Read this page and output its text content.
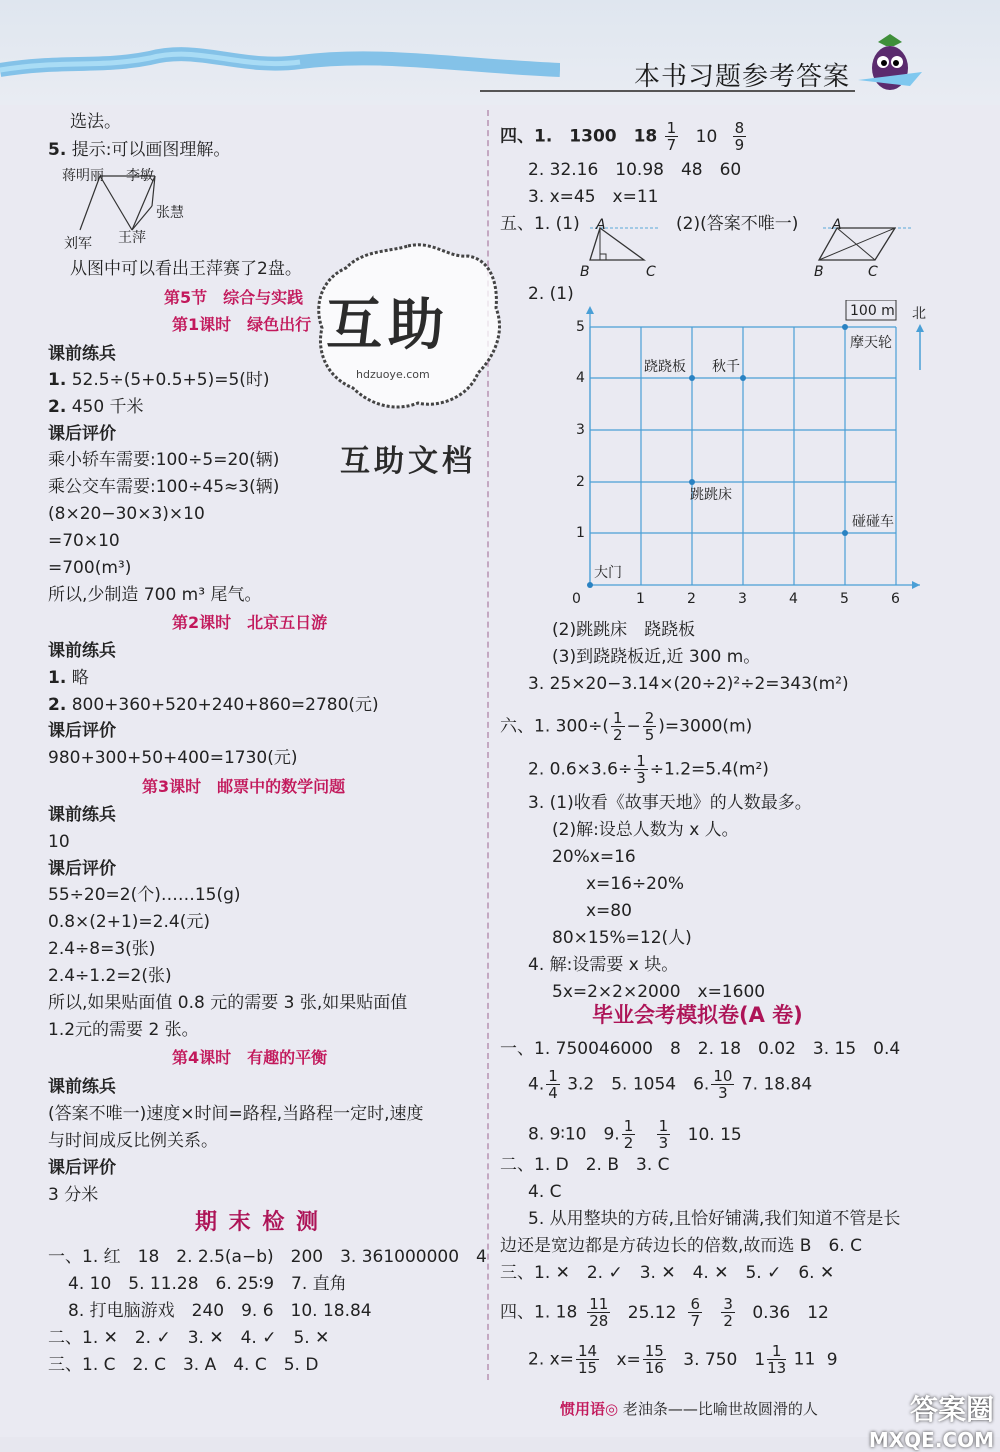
本书习题参考答案
选法。
5. 提示:可以画图理解。
蒋明丽 李敏
张慧
刘军 王萍
从图中可以看出王萍赛了2盘。
第5节　综合与实践
第1课时　绿色出行
课前练兵
1. 52.5÷(5+0.5+5)=5(时)
2. 450 千米
课后评价
乘小轿车需要:100÷5=20(辆)
乘公交车需要:100÷45≈3(辆)
(8×20−30×3)×10
=70×10
=700(m³)
所以,少制造 700 m³ 尾气。
第2课时　北京五日游
课前练兵
1. 略
2. 800+360+520+240+860=2780(元)
课后评价
980+300+50+400=1730(元)
第3课时　邮票中的数学问题
课前练兵
10
课后评价
55÷20=2(个)……15(g)
0.8×(2+1)=2.4(元)
2.4÷8=3(张)
2.4÷1.2=2(张)
所以,如果贴面值 0.8 元的需要 3 张,如果贴面值
1.2元的需要 2 张。
第4课时　有趣的平衡
课前练兵
(答案不唯一)速度×时间=路程,当路程一定时,速度
与时间成反比例关系。
课后评价
3 分米
期 末 检 测
一、1. 红　18　2. 2.5(a−b)　200　3. 361000000　4
4. 10　5. 11.28　6. 25∶9　7. 直角
8. 打电脑游戏　240　9. 6　10. 18.84
二、1. ✕　2. ✓　3. ✕　4. ✓　5. ✕
三、1. C　2. C　3. A　4. C　5. D
互助
hdzuoye.com
互助文档
四、1.　1300　$18 \frac{1}{7} 10 \frac{8}{9}$
2. 32.16　10.98　48　60
3. x=45　x=11
五、1. (1)	(2)(答案不唯一)
A
B	C
A
B	C
2. (1)
100 m 北
摩天轮
跷跷板 秋千
跳跳床
碰碰车
大门
0	1	2	3	4	5	6
1
2
3
4
5
(2)跳跳床　跷跷板
(3)到跷跷板近,近 300 m。
3. 25×20−3.14×(20÷2)²÷2=343(m²)
六、1. $300\div( \frac{1}{2} - \frac{2}{5} )=3000(m)$
2. $0.6\times 3.6\div \frac{1}{3} \div 1.2=5.4(m^2)$
3. (1)收看《故事天地》的人数最多。
(2)解:设总人数为 x 人。
20%x=16
x=16÷20%
x=80
80×15%=12(人)
4. 解:设需要 x 块。
5x=2×2×2000　x=1600
毕业会考模拟卷(A 卷)
一、1. 750046000　8　2. 18　0.02　3. 15　0.4
4. $\frac{1}{4} 3.2$　5. 1054　6. $\frac{10}{3} 7$. 18.84
8. 9∶10　9. $\frac{1}{2}$
$\frac{1}{3} 10$. 15
二、1. D　2. B　3. C
4. C
5. 从用整块的方砖,且恰好铺满,我们知道不管是长
边还是宽边都是方砖边长的倍数,故而选 B　6. C
三、1. ✕　2. ✓　3. ✕　4. ✕　5. ✓　6. ✕
四、1. $18 \frac{11}{28} 25.12 \frac{6}{7}$
$\frac{3}{2} 0.36$　12
2. $x= \frac{14}{15} x= \frac{15}{16} 3$. 750　$1 \frac{1}{13} 11$ 9
惯用语◎ 老油条——比喻世故圆滑的人	答案圈
MXQE.COM
